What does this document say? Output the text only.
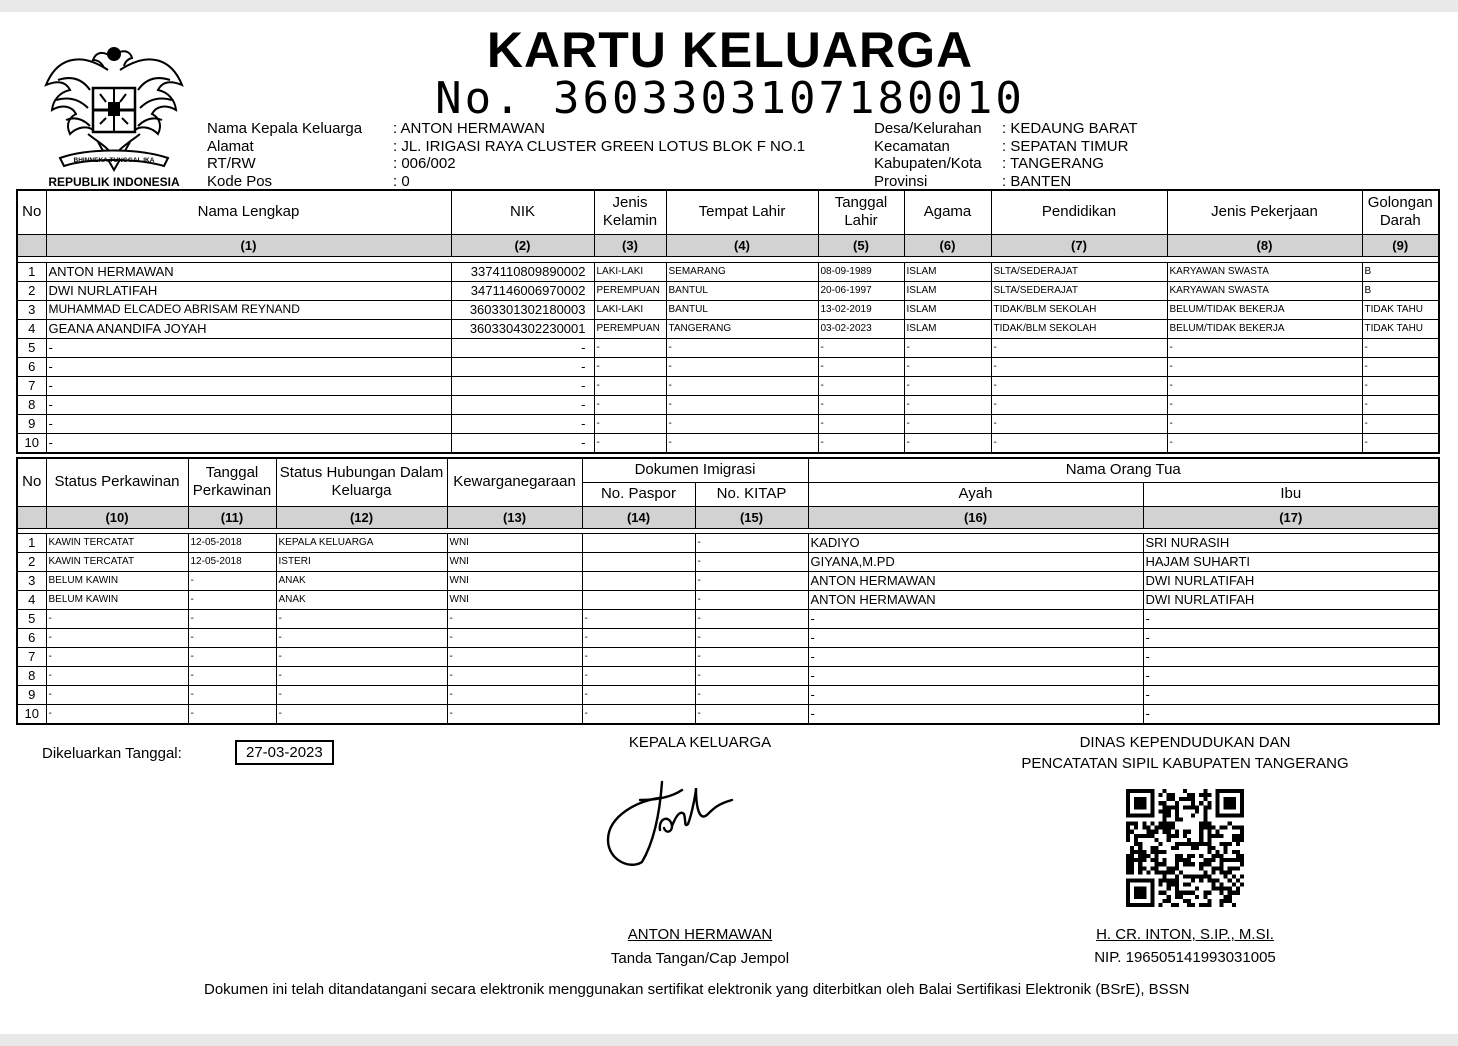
BHINNEKA TUNGGAL IKA
REPUBLIK INDONESIA
KARTU KELUARGA
No. 3603303107180010
Nama Kepala Keluarga
Alamat
RT/RW
Kode Pos
: ANTON HERMAWAN
: JL. IRIGASI RAYA CLUSTER GREEN LOTUS BLOK F NO.1
: 006/002
: 0
Desa/Kelurahan
Kecamatan
Kabupaten/Kota
Provinsi
: KEDAUNG BARAT
: SEPATAN TIMUR
: TANGERANG
: BANTEN
No	Nama Lengkap	NIK	Jenis Kelamin	Tempat Lahir	Tanggal Lahir	Agama	Pendidikan	Jenis Pekerjaan	Golongan Darah
	(1)	(2)	(3)	(4)	(5)	(6)	(7)	(8)	(9)

1	ANTON HERMAWAN	3374110809890002	LAKI-LAKI	SEMARANG	08-09-1989	ISLAM	SLTA/SEDERAJAT	KARYAWAN SWASTA	B
2	DWI NURLATIFAH	3471146006970002	PEREMPUAN	BANTUL	20-06-1997	ISLAM	SLTA/SEDERAJAT	KARYAWAN SWASTA	B
3	MUHAMMAD ELCADEO ABRISAM REYNAND	3603301302180003	LAKI-LAKI	BANTUL	13-02-2019	ISLAM	TIDAK/BLM SEKOLAH	BELUM/TIDAK BEKERJA	TIDAK TAHU
4	GEANA ANANDIFA JOYAH	3603304302230001	PEREMPUAN	TANGERANG	03-02-2023	ISLAM	TIDAK/BLM SEKOLAH	BELUM/TIDAK BEKERJA	TIDAK TAHU
5	-	-	-	-	-	-	-	-	-
6	-	-	-	-	-	-	-	-	-
7	-	-	-	-	-	-	-	-	-
8	-	-	-	-	-	-	-	-	-
9	-	-	-	-	-	-	-	-	-
10	-	-	-	-	-	-	-	-	-
No	Status Perkawinan	Tanggal Perkawinan	Status Hubungan Dalam Keluarga	Kewarganegaraan	Dokumen Imigrasi		Nama Orang Tua	
					No. Paspor	No. KITAP	Ayah	Ibu
	(10)	(11)	(12)	(13)	(14)	(15)	(16)	(17)

1	KAWIN TERCATAT	12-05-2018	KEPALA KELUARGA	WNI		-	KADIYO	SRI NURASIH
2	KAWIN TERCATAT	12-05-2018	ISTERI	WNI		-	GIYANA,M.PD	HAJAM SUHARTI
3	BELUM KAWIN	-	ANAK	WNI		-	ANTON HERMAWAN	DWI NURLATIFAH
4	BELUM KAWIN	-	ANAK	WNI		-	ANTON HERMAWAN	DWI NURLATIFAH
5	-	-	-	-	-	-	-	-
6	-	-	-	-	-	-	-	-
7	-	-	-	-	-	-	-	-
8	-	-	-	-	-	-	-	-
9	-	-	-	-	-	-	-	-
10	-	-	-	-	-	-	-	-
Dikeluarkan Tanggal:	27-03-2023
KEPALA KELUARGA
ANTON HERMAWAN
Tanda Tangan/Cap Jempol
DINAS KEPENDUDUKAN DAN
PENCATATAN SIPIL KABUPATEN TANGERANG
H. CR. INTON, S.IP., M.SI.
NIP. 196505141993031005
Dokumen ini telah ditandatangani secara elektronik menggunakan sertifikat elektronik yang diterbitkan oleh Balai Sertifikasi Elektronik (BSrE), BSSN
